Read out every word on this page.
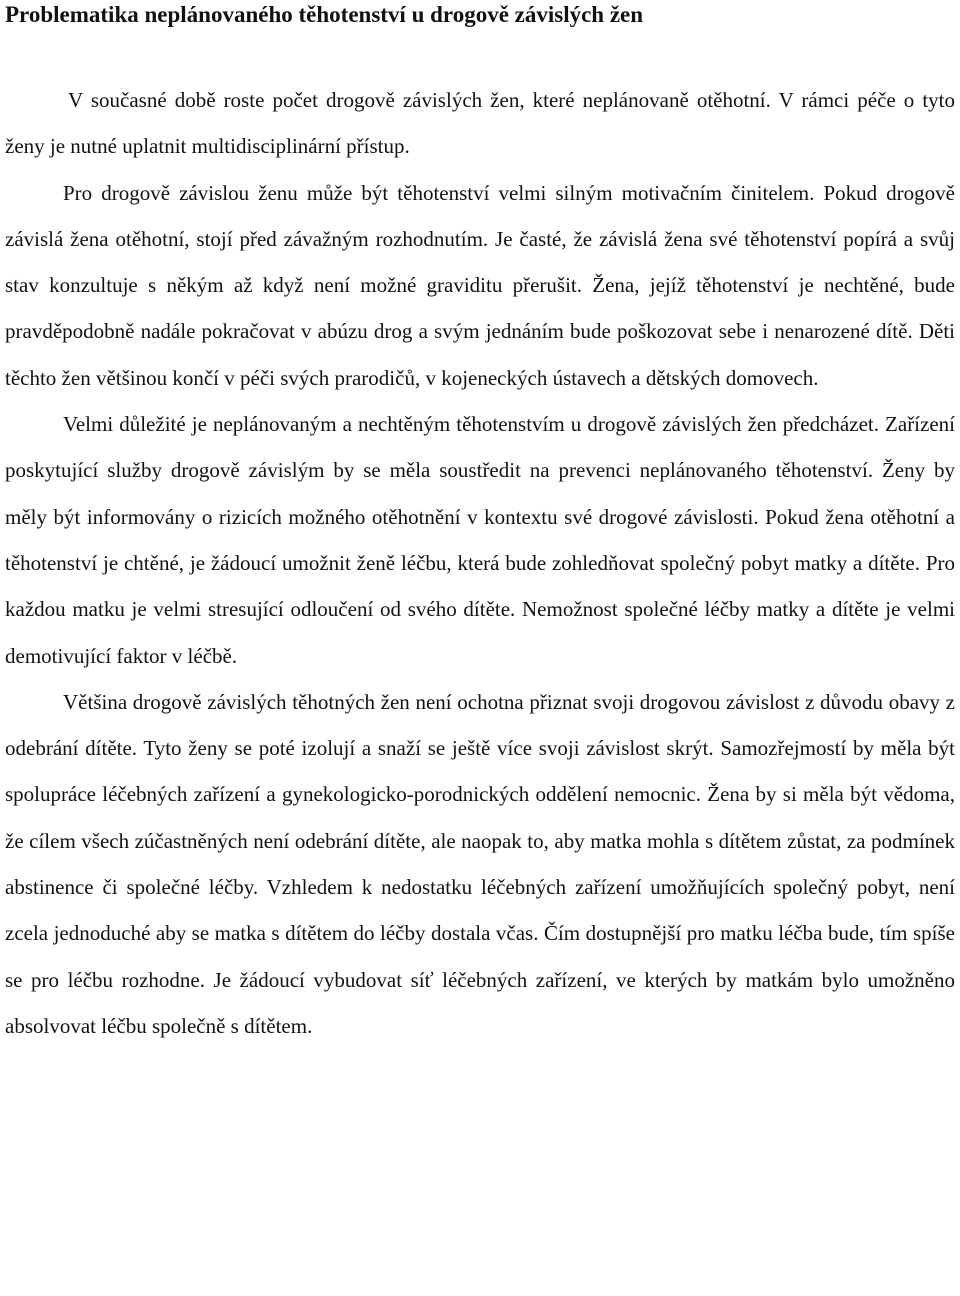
Problematika neplánovaného těhotenství u drogově závislých žen

V současné době roste počet drogově závislých žen, které neplánovaně otěhotní. V rámci péče o tyto ženy je nutné uplatnit multidisciplinární přístup.

Pro drogově závislou ženu může být těhotenství velmi silným motivačním činitelem. Pokud drogově závislá žena otěhotní, stojí před závažným rozhodnutím. Je časté, že závislá žena své těhotenství popírá a svůj stav konzultuje s někým až když není možné graviditu přerušit. Žena, jejíž těhotenství je nechtěné, bude pravděpodobně nadále pokračovat v abúzu drog a svým jednáním bude poškozovat sebe i nenarozené dítě. Děti těchto žen většinou končí v péči svých prarodičů, v kojeneckých ústavech a dětských domovech.

Velmi důležité je neplánovaným a nechtěným těhotenstvím u drogově závislých žen předcházet. Zařízení poskytující služby drogově závislým by se měla soustředit na prevenci neplánovaného těhotenství. Ženy by měly být informovány o rizicích možného otěhotnění v kontextu své drogové závislosti. Pokud žena otěhotní a těhotenství je chtěné, je žádoucí umožnit ženě léčbu, která bude zohledňovat společný pobyt matky a dítěte. Pro každou matku je velmi stresující odloučení od svého dítěte. Nemožnost společné léčby matky a dítěte je velmi demotivující faktor v léčbě.

Většina drogově závislých těhotných žen není ochotna přiznat svoji drogovou závislost z důvodu obavy z odebrání dítěte. Tyto ženy se poté izolují a snaží se ještě více svoji závislost skrýt. Samozřejmostí by měla být spolupráce léčebných zařízení a gynekologicko-porodnických oddělení nemocnic. Žena by si měla být vědoma, že cílem všech zúčastněných není odebrání dítěte, ale naopak to, aby matka mohla s dítětem zůstat, za podmínek abstinence či společné léčby. Vzhledem k nedostatku léčebných zařízení umožňujících společný pobyt, není zcela jednoduché aby se matka s dítětem do léčby dostala včas. Čím dostupnější pro matku léčba bude, tím spíše se pro léčbu rozhodne. Je žádoucí vybudovat síť léčebných zařízení, ve kterých by matkám bylo umožněno absolvovat léčbu společně s dítětem.
